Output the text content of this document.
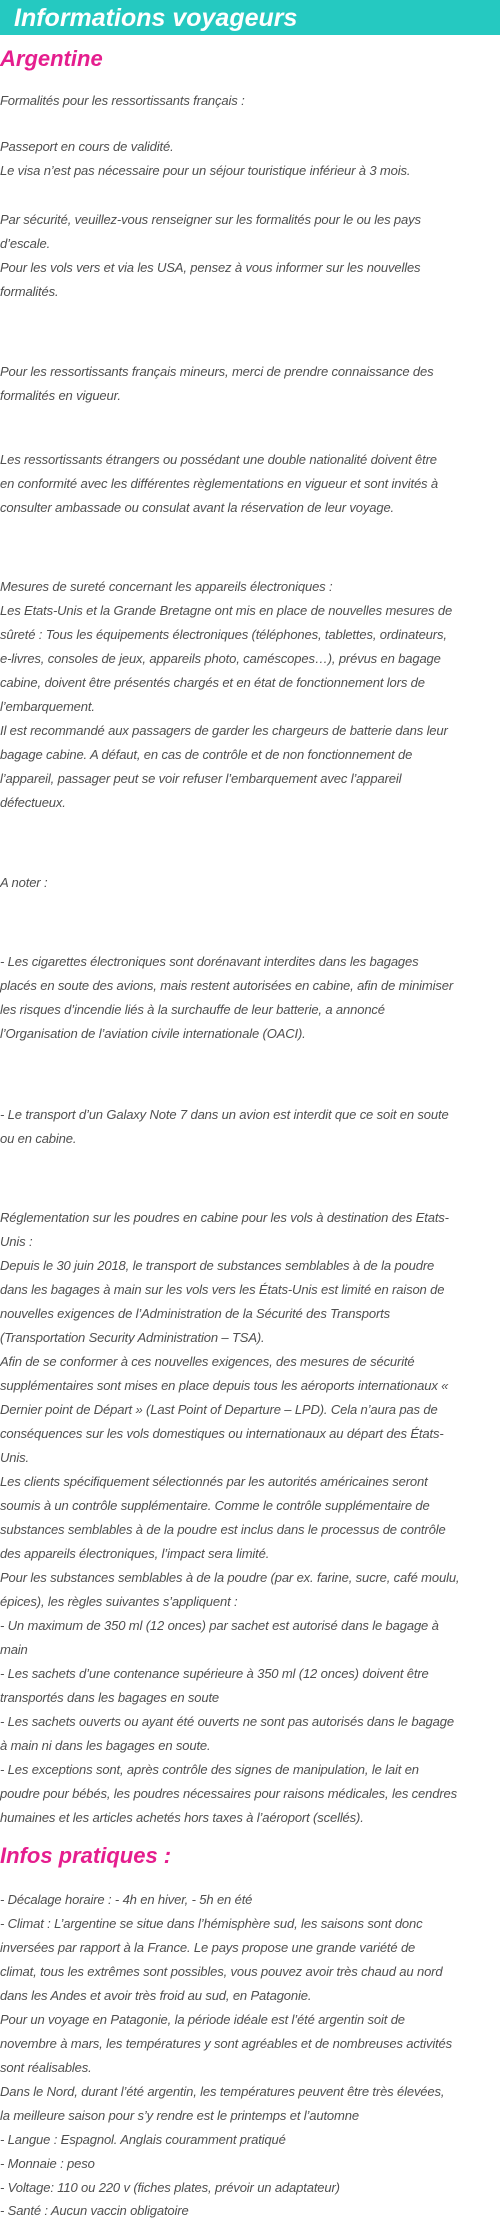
Informations voyageurs
Argentine

Formalités pour les ressortissants français :

Passeport en cours de validité.

Le visa n’est pas nécessaire pour un séjour touristique inférieur à 3 mois.

Par sécurité, veuillez-vous renseigner sur les formalités pour le ou les pays

d’escale.

Pour les vols vers et via les USA, pensez à vous informer sur les nouvelles

formalités.

Pour les ressortissants français mineurs, merci de prendre connaissance des

formalités en vigueur.

Les ressortissants étrangers ou possédant une double nationalité doivent être

en conformité avec les différentes règlementations en vigueur et sont invités à

consulter ambassade ou consulat avant la réservation de leur voyage.

Mesures de sureté concernant les appareils électroniques :

Les Etats-Unis et la Grande Bretagne ont mis en place de nouvelles mesures de

sûreté : Tous les équipements électroniques (téléphones, tablettes, ordinateurs,

e-livres, consoles de jeux, appareils photo, caméscopes…), prévus en bagage

cabine, doivent être présentés chargés et en état de fonctionnement lors de

l’embarquement.

Il est recommandé aux passagers de garder les chargeurs de batterie dans leur

bagage cabine. A défaut, en cas de contrôle et de non fonctionnement de

l’appareil, passager peut se voir refuser l’embarquement avec l’appareil

défectueux.

A noter :

- Les cigarettes électroniques sont dorénavant interdites dans les bagages

placés en soute des avions, mais restent autorisées en cabine, afin de minimiser

les risques d’incendie liés à la surchauffe de leur batterie, a annoncé

l’Organisation de l’aviation civile internationale (OACI).

- Le transport d’un Galaxy Note 7 dans un avion est interdit que ce soit en soute

ou en cabine.

Réglementation sur les poudres en cabine pour les vols à destination des Etats-

Unis :

Depuis le 30 juin 2018, le transport de substances semblables à de la poudre

dans les bagages à main sur les vols vers les États-Unis est limité en raison de

nouvelles exigences de l’Administration de la Sécurité des Transports

(Transportation Security Administration – TSA).

Afin de se conformer à ces nouvelles exigences, des mesures de sécurité

supplémentaires sont mises en place depuis tous les aéroports internationaux «

Dernier point de Départ » (Last Point of Departure – LPD). Cela n’aura pas de

conséquences sur les vols domestiques ou internationaux au départ des États-

Unis.

Les clients spécifiquement sélectionnés par les autorités américaines seront

soumis à un contrôle supplémentaire. Comme le contrôle supplémentaire de

substances semblables à de la poudre est inclus dans le processus de contrôle

des appareils électroniques, l’impact sera limité.

Pour les substances semblables à de la poudre (par ex. farine, sucre, café moulu,

épices), les règles suivantes s’appliquent :

- Un maximum de 350 ml (12 onces) par sachet est autorisé dans le bagage à

main

- Les sachets d’une contenance supérieure à 350 ml (12 onces) doivent être

transportés dans les bagages en soute

- Les sachets ouverts ou ayant été ouverts ne sont pas autorisés dans le bagage

à main ni dans les bagages en soute.

- Les exceptions sont, après contrôle des signes de manipulation, le lait en

poudre pour bébés, les poudres nécessaires pour raisons médicales, les cendres

humaines et les articles achetés hors taxes à l’aéroport (scellés).

Infos pratiques :

- Décalage horaire : - 4h en hiver, - 5h en été

- Climat : L’argentine se situe dans l’hémisphère sud, les saisons sont donc

inversées par rapport à la France. Le pays propose une grande variété de

climat, tous les extrêmes sont possibles, vous pouvez avoir très chaud au nord

dans les Andes et avoir très froid au sud, en Patagonie.

Pour un voyage en Patagonie, la période idéale est l’été argentin soit de

novembre à mars, les températures y sont agréables et de nombreuses activités

sont réalisables.

Dans le Nord, durant l’été argentin, les températures peuvent être très élevées,

la meilleure saison pour s’y rendre est le printemps et l’automne

- Langue : Espagnol. Anglais couramment pratiqué

- Monnaie : peso

- Voltage: 110 ou 220 v (fiches plates, prévoir un adaptateur)

- Santé : Aucun vaccin obligatoire
